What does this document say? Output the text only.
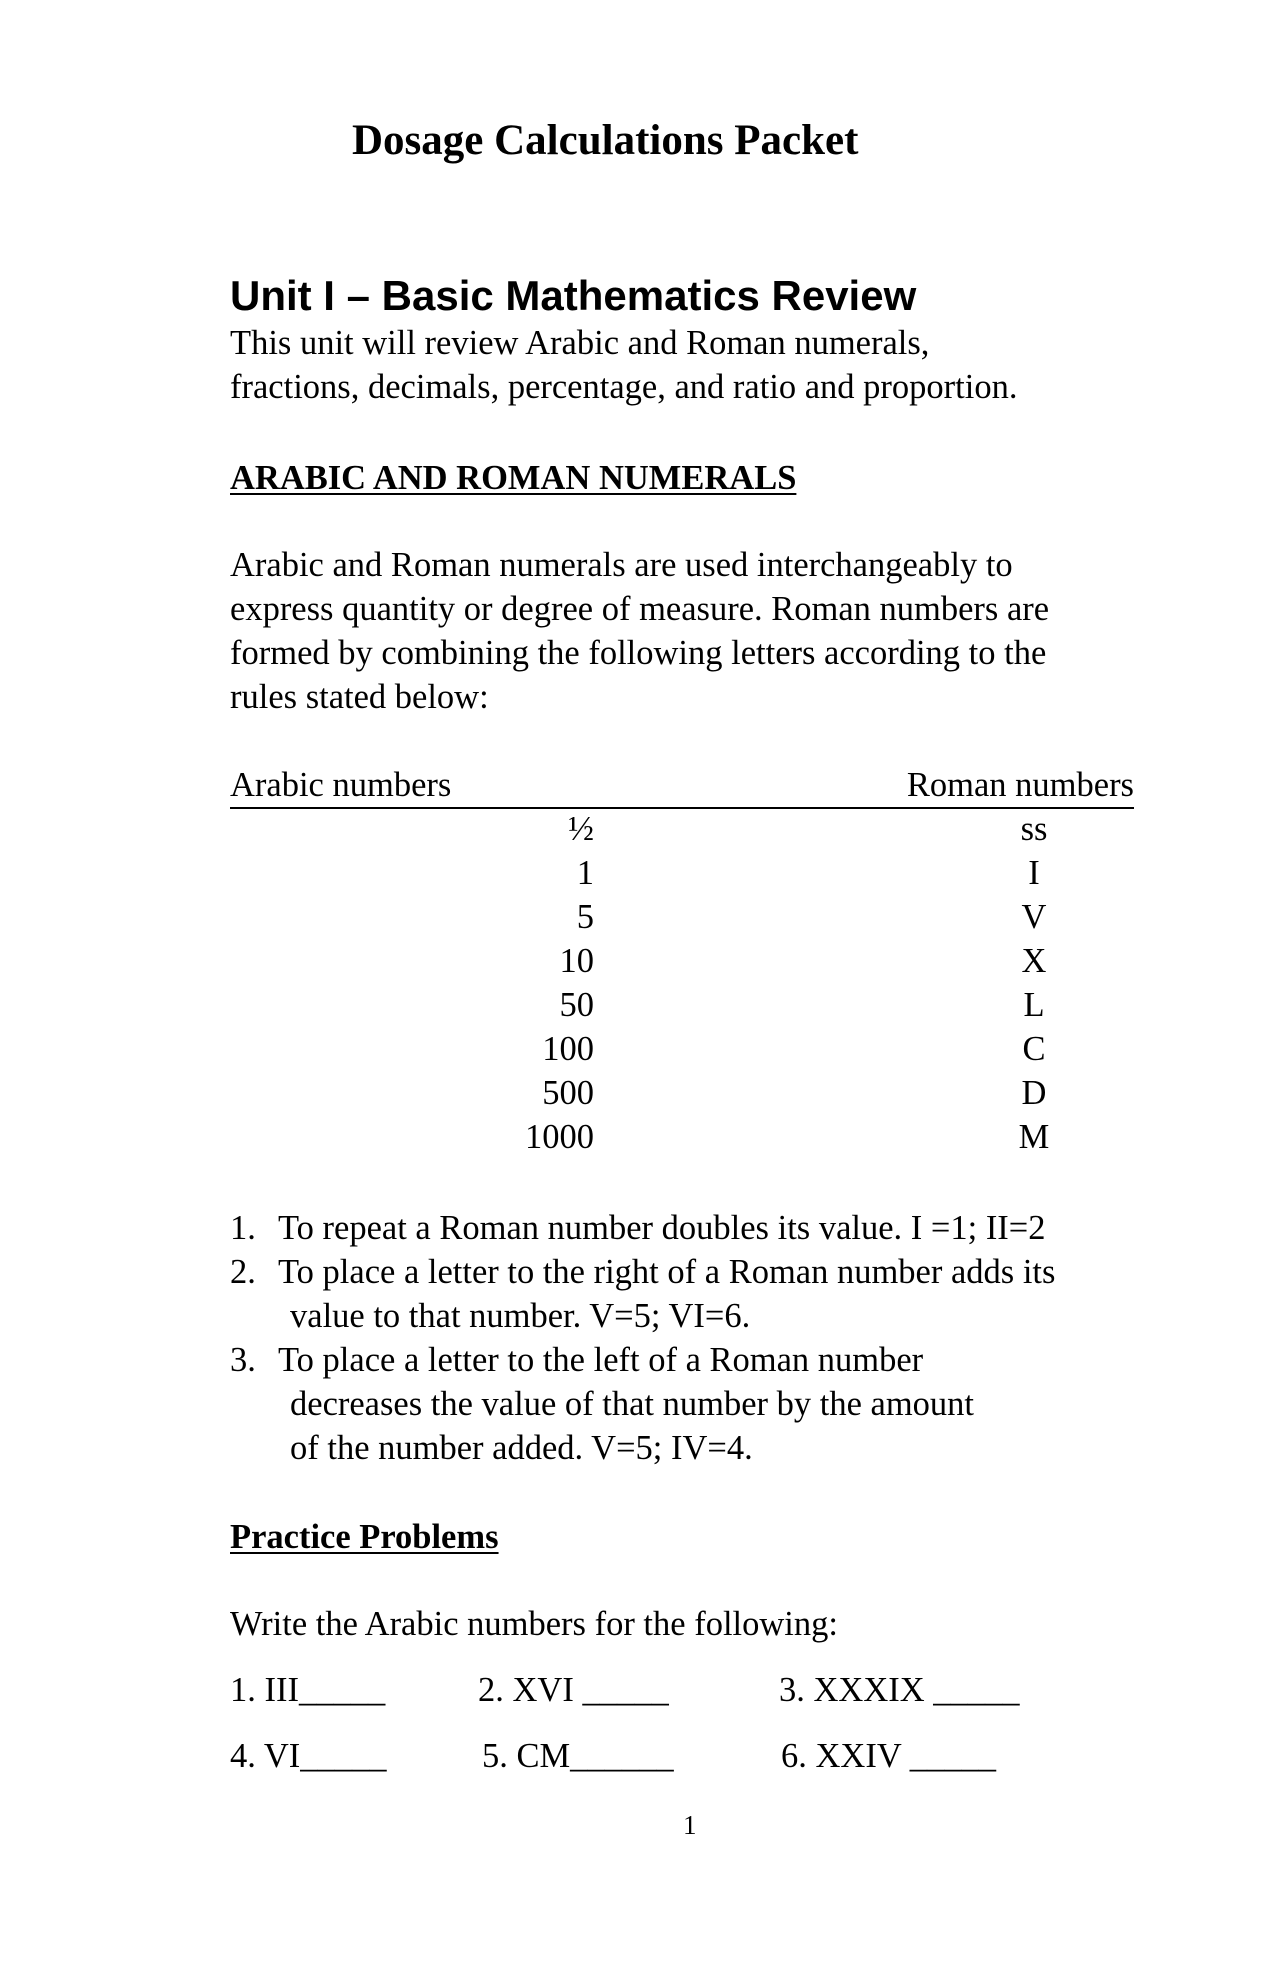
Dosage Calculations Packet
Unit I – Basic Mathematics Review
This unit will review Arabic and Roman numerals,
fractions, decimals, percentage, and ratio and proportion.
ARABIC AND ROMAN NUMERALS
Arabic and Roman numerals are used interchangeably to
express quantity or degree of measure. Roman numbers are
formed by combining the following letters according to the
rules stated below:
Arabic numbers	Roman numbers
½	ss
1	I
5	V
10	X
50	L
100	C
500	D
1000	M
1. To repeat a Roman number doubles its value. I =1; II=2
2. To place a letter to the right of a Roman number adds its
value to that number. V=5; VI=6.
3. To place a letter to the left of a Roman number
decreases the value of that number by the amount
of the number added. V=5; IV=4.
Practice Problems
Write the Arabic numbers for the following:
1. III_____	2. XVI _____	3. XXXIX _____
4. VI_____	5. CM______	6. XXIV _____
1
